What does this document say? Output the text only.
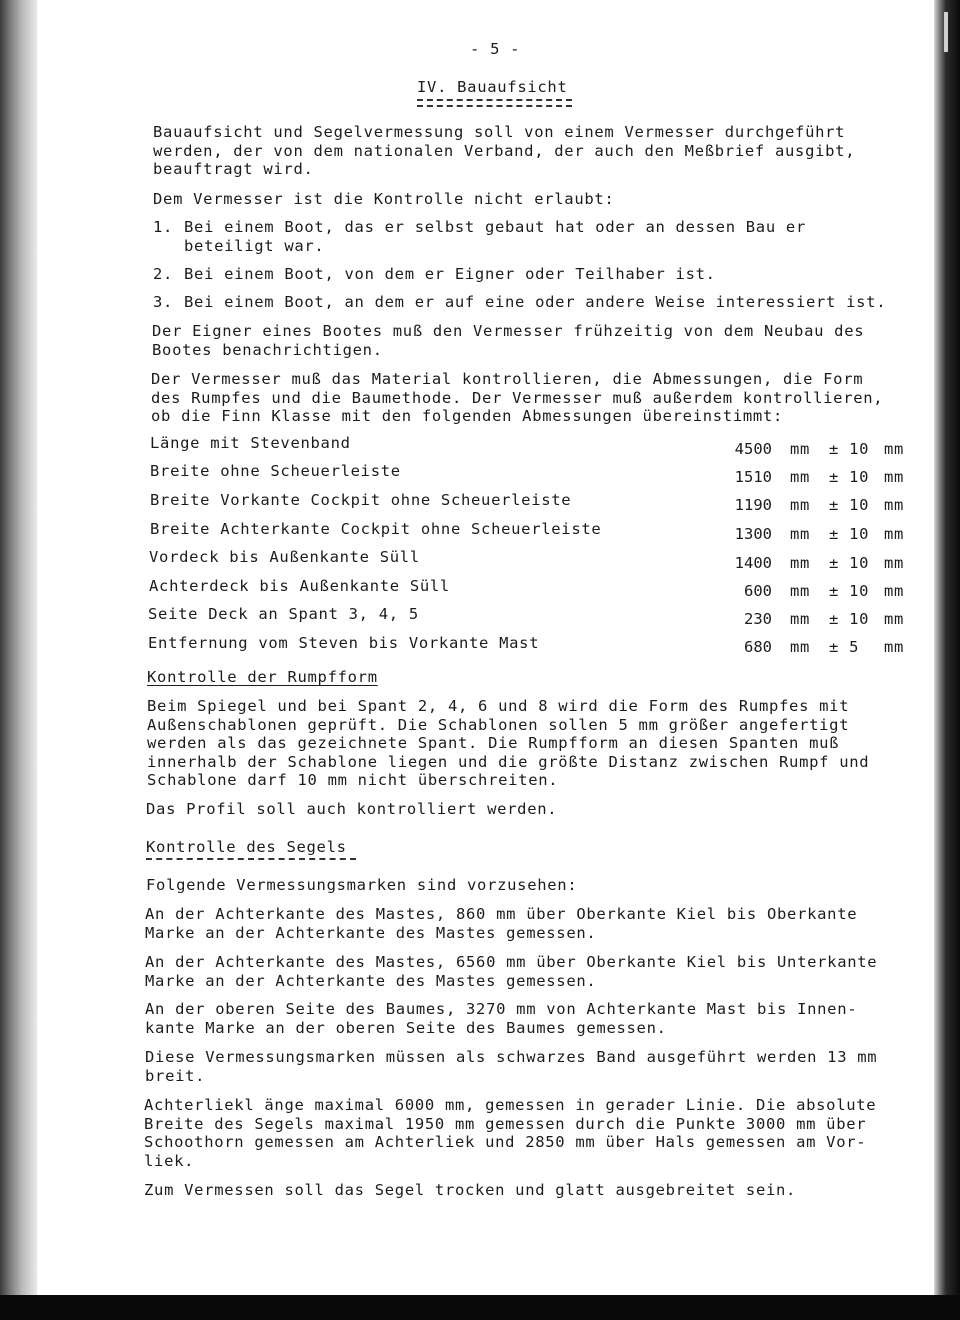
- 5 -
IV. Bauaufsicht
Bauaufsicht und Segelvermessung soll von einem Vermesser durchgeführt
werden, der von dem nationalen Verband, der auch den Meßbrief ausgibt,
beauftragt wird.
Dem Vermesser ist die Kontrolle nicht erlaubt:
1. Bei einem Boot, das er selbst gebaut hat oder an dessen Bau er
beteiligt war.
2. Bei einem Boot, von dem er Eigner oder Teilhaber ist.
3. Bei einem Boot, an dem er auf eine oder andere Weise interessiert ist.
Der Eigner eines Bootes muß den Vermesser frühzeitig von dem Neubau des
Bootes benachrichtigen.
Der Vermesser muß das Material kontrollieren, die Abmessungen, die Form
des Rumpfes und die Baumethode. Der Vermesser muß außerdem kontrollieren,
ob die Finn Klasse mit den folgenden Abmessungen übereinstimmt:
Länge mit Stevenband	4500 mm ± 10 mm
Breite ohne Scheuerleiste	1510 mm ± 10 mm
Breite Vorkante Cockpit ohne Scheuerleiste	1190 mm ± 10 mm
Breite Achterkante Cockpit ohne Scheuerleiste	1300 mm ± 10 mm
Vordeck bis Außenkante Süll	1400 mm ± 10 mm
Achterdeck bis Außenkante Süll	600 mm ± 10 mm
Seite Deck an Spant 3, 4, 5	230 mm ± 10 mm
Entfernung vom Steven bis Vorkante Mast	680 mm ± 5 mm
Kontrolle der Rumpfform
Beim Spiegel und bei Spant 2, 4, 6 und 8 wird die Form des Rumpfes mit
Außenschablonen geprüft. Die Schablonen sollen 5 mm größer angefertigt
werden als das gezeichnete Spant. Die Rumpfform an diesen Spanten muß
innerhalb der Schablone liegen und die größte Distanz zwischen Rumpf und
Schablone darf 10 mm nicht überschreiten.
Das Profil soll auch kontrolliert werden.
Kontrolle des Segels
Folgende Vermessungsmarken sind vorzusehen:
An der Achterkante des Mastes, 860 mm über Oberkante Kiel bis Oberkante
Marke an der Achterkante des Mastes gemessen.
An der Achterkante des Mastes, 6560 mm über Oberkante Kiel bis Unterkante
Marke an der Achterkante des Mastes gemessen.
An der oberen Seite des Baumes, 3270 mm von Achterkante Mast bis Innen-
kante Marke an der oberen Seite des Baumes gemessen.
Diese Vermessungsmarken müssen als schwarzes Band ausgeführt werden 13 mm
breit.
Achterliekl änge maximal 6000 mm, gemessen in gerader Linie. Die absolute
Breite des Segels maximal 1950 mm gemessen durch die Punkte 3000 mm über
Schoothorn gemessen am Achterliek und 2850 mm über Hals gemessen am Vor-
liek.
Zum Vermessen soll das Segel trocken und glatt ausgebreitet sein.
